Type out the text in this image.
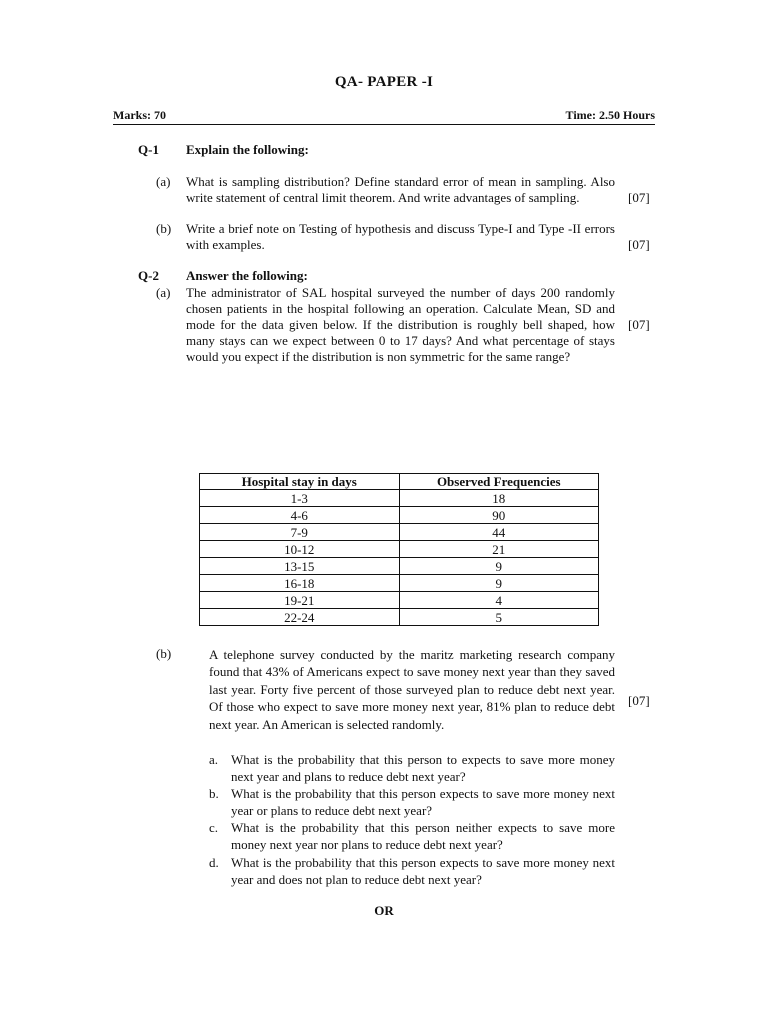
QA- PAPER -I
Marks: 70	Time: 2.50 Hours
Q-1 Explain the following:
(a) What is sampling distribution? Define standard error of mean in sampling. Also write statement of central limit theorem. And write advantages of sampling.	[07]
(b) Write a brief note on Testing of hypothesis and discuss Type-I and Type -II errors with examples.	[07]
Q-2 Answer the following:
(a) The administrator of SAL hospital surveyed the number of days 200 randomly chosen patients in the hospital following an operation. Calculate Mean, SD and mode for the data given below. If the distribution is roughly bell shaped, how many stays can we expect between 0 to 17 days? And what percentage of stays would you expect if the distribution is non symmetric for the same range?
[07]
Hospital stay in days	Observed Frequencies
1-3	18
4-6	90
7-9	44
10-12	21
13-15	9
16-18	9
19-21	4
22-24	5
(b)	A telephone survey conducted by the maritz marketing research company found that 43% of Americans expect to save money next year than they saved last year. Forty five percent of those surveyed plan to reduce debt next year. Of those who expect to save more money next year, 81% plan to reduce debt next year. An American is selected randomly.
[07]
a. What is the probability that this person to expects to save more money next year and plans to reduce debt next year?
b. What is the probability that this person expects to save more money next year or plans to reduce debt next year?
c. What is the probability that this person neither expects to save more money next year nor plans to reduce debt next year?
d. What is the probability that this person expects to save more money next year and does not plan to reduce debt next year?
OR
